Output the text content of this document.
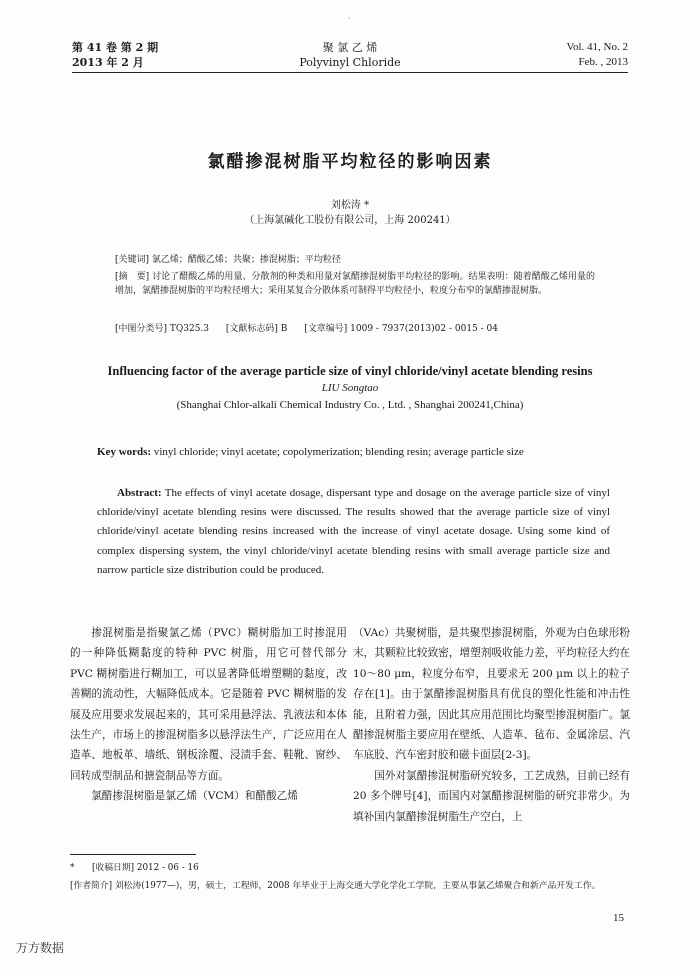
·
第 41 卷 第 2 期
2013 年 2 月
聚 氯 乙 烯
Polyvinyl Chloride
Vol. 41, No. 2
Feb. , 2013
氯醋掺混树脂平均粒径的影响因素
刘松涛 *
（上海氯碱化工股份有限公司，上海 200241）
[关键词] 氯乙烯；醋酸乙烯；共聚；掺混树脂；平均粒径
[摘　要] 讨论了醋酸乙烯的用量、分散剂的种类和用量对氯醋掺混树脂平均粒径的影响。结果表明：随着醋酸乙烯用量的增加，氯醋掺混树脂的平均粒径增大；采用某复合分散体系可制得平均粒径小，粒度分布窄的氯醋掺混树脂。
[中图分类号] TQ325.3 [文献标志码] B [文章编号] 1009 - 7937(2013)02 - 0015 - 04
Influencing factor of the average particle size of vinyl chloride/vinyl acetate blending resins
LIU Songtao
(Shanghai Chlor-alkali Chemical Industry Co. , Ltd. , Shanghai 200241,China)
Key words: vinyl chloride; vinyl acetate; copolymerization; blending resin; average particle size
Abstract: The effects of vinyl acetate dosage, dispersant type and dosage on the average particle size of vinyl chloride/vinyl acetate blending resins were discussed. The results showed that the average particle size of vinyl chloride/vinyl acetate blending resins increased with the increase of vinyl acetate dosage. Using some kind of complex dispersing system, the vinyl chloride/vinyl acetate blending resins with small average particle size and narrow particle size distribution could be produced.

掺混树脂是指聚氯乙烯（PVC）糊树脂加工时掺混用的一种降低糊黏度的特种 PVC 树脂，用它可替代部分 PVC 糊树脂进行糊加工，可以显著降低增塑糊的黏度，改善糊的流动性，大幅降低成本。它是随着 PVC 糊树脂的发展及应用要求发展起来的，其可采用悬浮法、乳液法和本体法生产，市场上的掺混树脂多以悬浮法生产，广泛应用在人造革、地板革、墙纸、钢板涂覆、浸渍手套、鞋靴、窗纱、回转成型制品和搪瓷制品等方面。

氯醋掺混树脂是氯乙烯（VCM）和醋酸乙烯

（VAc）共聚树脂，是共聚型掺混树脂，外观为白色球形粉末，其颗粒比较致密，增塑剂吸收能力差，平均粒径大约在 10～80 μm，粒度分布窄，且要求无 200 μm 以上的粒子存在[1]。由于氯醋掺混树脂具有优良的塑化性能和冲击性能，且附着力强，因此其应用范围比均聚型掺混树脂广。氯醋掺混树脂主要应用在壁纸、人造革、毡布、金属涂层、汽车底胶、汽车密封胶和磁卡面层[2-3]。

国外对氯醋掺混树脂研究较多，工艺成熟，目前已经有 20 多个牌号[4]，而国内对氯醋掺混树脂的研究非常少。为填补国内氯醋掺混树脂生产空白，上

* [收稿日期] 2012 - 06 - 16
[作者简介] 刘松涛(1977—)，男，硕士，工程师，2008 年毕业于上海交通大学化学化工学院，主要从事氯乙烯聚合和新产品开发工作。
15
万方数据
